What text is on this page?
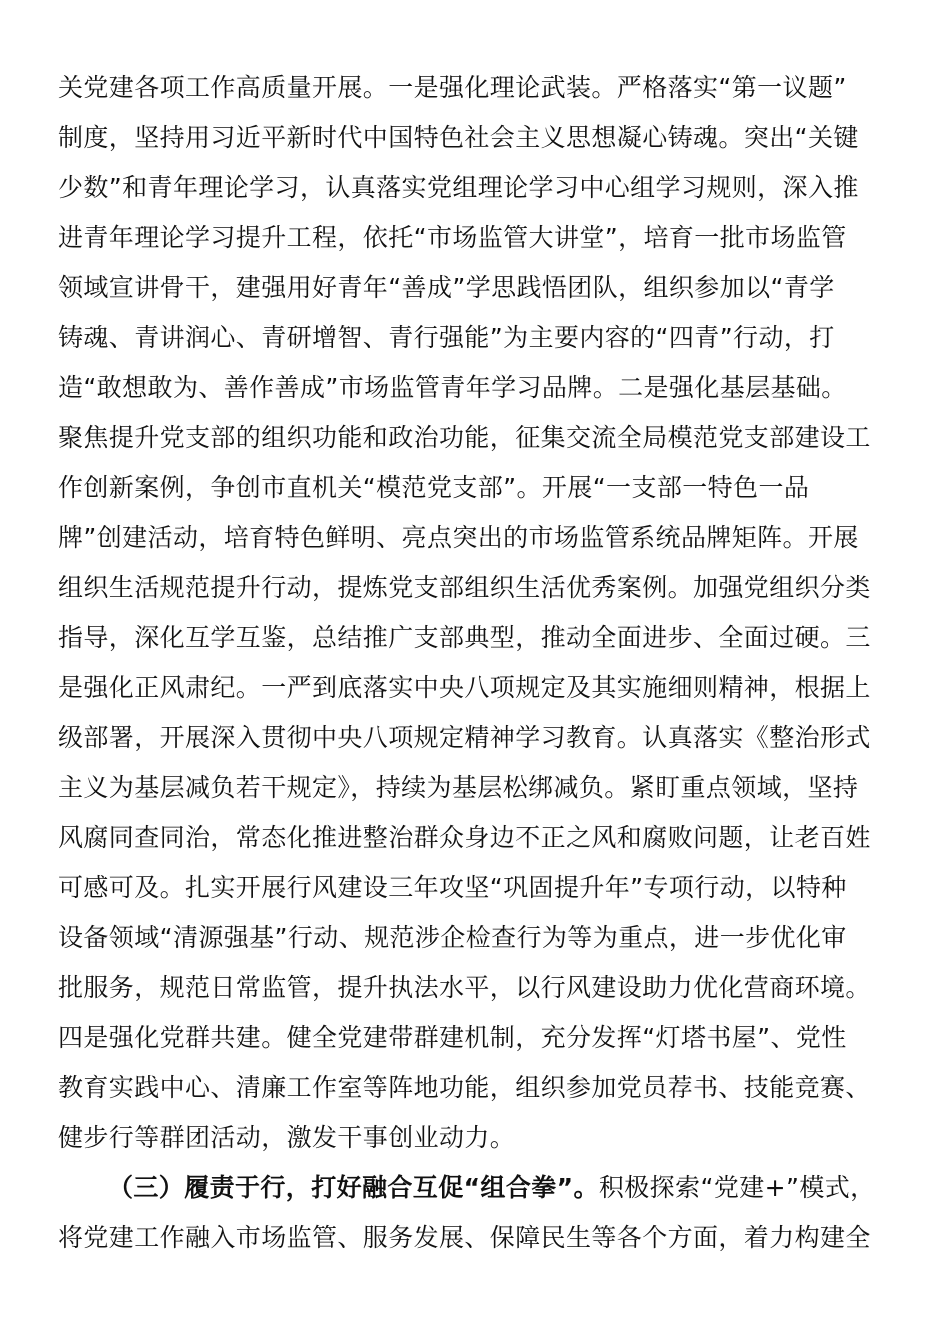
关党建各项工作高质量开展。一是强化理论武装。严格落实“第一议题”
制度，坚持用习近平新时代中国特色社会主义思想凝心铸魂。突出“关键
少数”和青年理论学习，认真落实党组理论学习中心组学习规则，深入推
进青年理论学习提升工程，依托“市场监管大讲堂”，培育一批市场监管
领域宣讲骨干，建强用好青年“善成”学思践悟团队，组织参加以“青学
铸魂、青讲润心、青研增智、青行强能”为主要内容的“四青”行动，打
造“敢想敢为、善作善成”市场监管青年学习品牌。二是强化基层基础。
聚焦提升党支部的组织功能和政治功能，征集交流全局模范党支部建设工
作创新案例，争创市直机关“模范党支部”。开展“一支部一特色一品
牌”创建活动，培育特色鲜明、亮点突出的市场监管系统品牌矩阵。开展
组织生活规范提升行动，提炼党支部组织生活优秀案例。加强党组织分类
指导，深化互学互鉴，总结推广支部典型，推动全面进步、全面过硬。三
是强化正风肃纪。一严到底落实中央八项规定及其实施细则精神，根据上
级部署，开展深入贯彻中央八项规定精神学习教育。认真落实《整治形式
主义为基层减负若干规定》，持续为基层松绑减负。紧盯重点领域，坚持
风腐同查同治，常态化推进整治群众身边不正之风和腐败问题，让老百姓
可感可及。扎实开展行风建设三年攻坚“巩固提升年”专项行动，以特种
设备领域“清源强基”行动、规范涉企检查行为等为重点，进一步优化审
批服务，规范日常监管，提升执法水平，以行风建设助力优化营商环境。
四是强化党群共建。健全党建带群建机制，充分发挥“灯塔书屋”、党性
教育实践中心、清廉工作室等阵地功能，组织参加党员荐书、技能竞赛、
健步行等群团活动，激发干事创业动力。
（三）履责于行，打好融合互促“组合拳”。积极探索“党建+”模式，
将党建工作融入市场监管、服务发展、保障民生等各个方面，着力构建全
